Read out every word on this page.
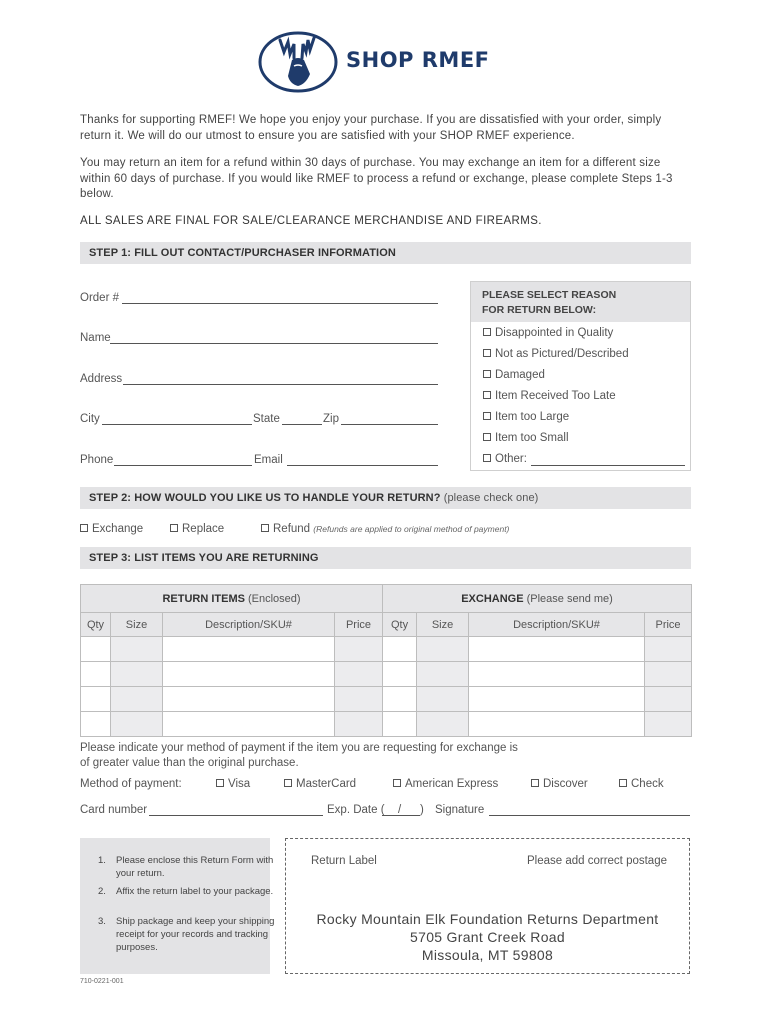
SHOP RMEF
Thanks for supporting RMEF! We hope you enjoy your purchase. If you are dissatisfied with your order, simply return it. We will do our utmost to ensure you are satisfied with your SHOP RMEF experience.
You may return an item for a refund within 30 days of purchase. You may exchange an item for a different size within 60 days of purchase. If you would like RMEF to process a refund or exchange, please complete Steps 1-3 below.
ALL SALES ARE FINAL FOR SALE/CLEARANCE MERCHANDISE AND FIREARMS.
STEP 1: FILL OUT CONTACT/PURCHASER INFORMATION
Order #
Name
Address
City	State	Zip
Phone	Email
PLEASE SELECT REASON
FOR RETURN BELOW:
Disappointed in Quality
Not as Pictured/Described
Damaged
Item Received Too Late
Item too Large
Item too Small
Other:
STEP 2: HOW WOULD YOU LIKE US TO HANDLE YOUR RETURN? (please check one)
Exchange	Replace	Refund (Refunds are applied to original method of payment)
STEP 3: LIST ITEMS YOU ARE RETURNING
RETURN ITEMS (Enclosed)				EXCHANGE (Please send me)			
Qty	Size	Description/SKU#	Price	Qty	Size	Description/SKU#	Price

Please indicate your method of payment if the item you are requesting for exchange is
of greater value than the original purchase.
Method of payment:	Visa	MasterCard	American Express	Discover	Check
Card number	Exp. Date ( / ) Signature
1. Please enclose this Return Form with your return.
2. Affix the return label to your package.
3. Ship package and keep your shipping receipt for your records and tracking purposes.
Return Label	Please add correct postage
Rocky Mountain Elk Foundation Returns Department
5705 Grant Creek Road
Missoula, MT 59808
710-0221-001
